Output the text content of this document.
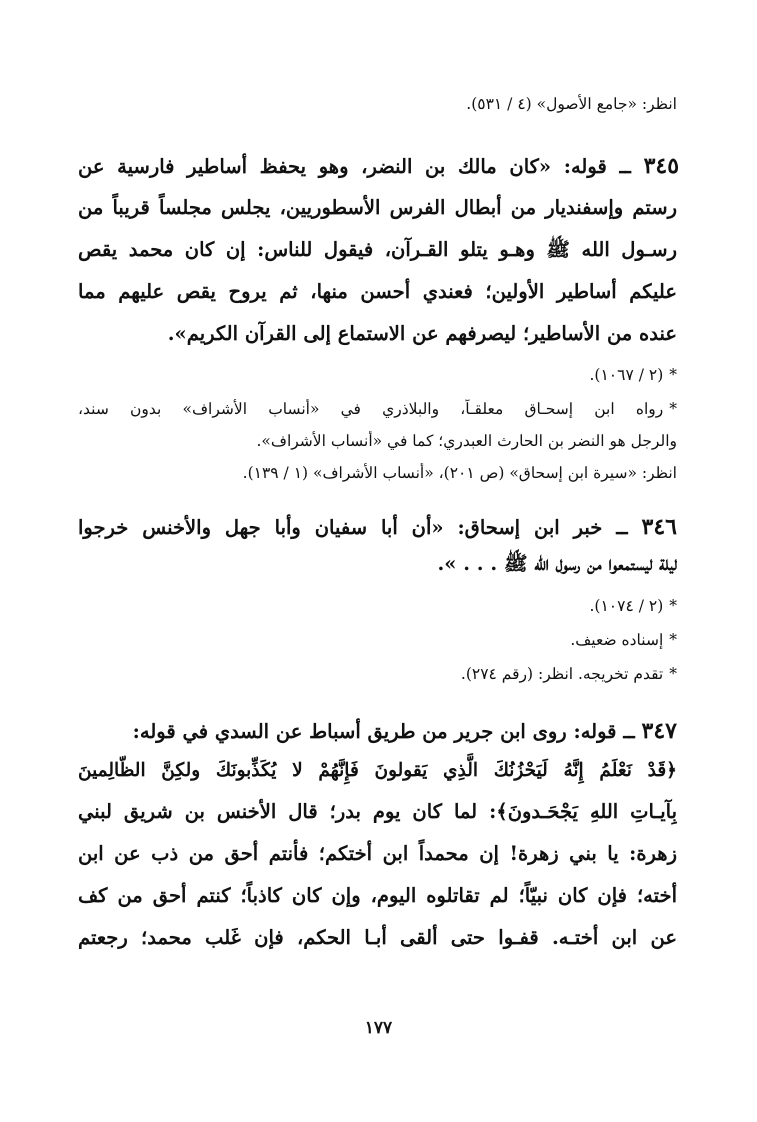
انظر: «جامع الأصول» (٤ / ٥٣١).
٣٤٥ ــ قوله: «كان مالك بن النضر، وهو يحفظ أساطير فارسية عن
رستم وإسفنديار من أبطال الفرس الأسطوريين، يجلس مجلساً قريباً من
رسـول الله ﷺ وهـو يتلو القـرآن، فيقول للناس: إن كان محمد يقص
عليكم أساطير الأولين؛ فعندي أحسن منها، ثم يروح يقص عليهم مما
عنده من الأساطير؛ ليصرفهم عن الاستماع إلى القرآن الكريم».
*(٢ / ١٠٦٧).
*رواه ابن إسحـاق معلقـاً، والبلاذري في «أنساب الأشراف» بدون سند،
والرجل هو النضر بن الحارث العبدري؛ كما في «أنساب الأشراف».
انظر: «سيرة ابن إسحاق» (ص ٢٠١)، «أنساب الأشراف» (١ / ١٣٩).
٣٤٦ ــ خبر ابن إسحاق: «أن أبا سفيان وأبا جهل والأخنس خرجوا
ليلة ليستمعوا من رسول الله ﷺ . . . ».
*(٢ / ١٠٧٤).
*إسناده ضعيف.
*تقدم تخريجه. انظر: (رقم ٢٧٤).
٣٤٧ ــ قوله: روى ابن جرير من طريق أسباط عن السدي في قوله:
﴿قَدْ نَعْلَمُ إِنَّهُ لَيَحْزُنُكَ الَّذِي يَقولونَ فَإِنَّهُمْ لا يُكَذِّبونَكَ ولكِنَّ الظّالِمينَ
بِآيـاتِ اللهِ يَجْحَـدونَ﴾: لما كان يوم بدر؛ قال الأخنس بن شريق لبني
زهرة: يا بني زهرة! إن محمداً ابن أختكم؛ فأنتم أحق من ذب عن ابن
أخته؛ فإن كان نبيّاً؛ لم تقاتلوه اليوم، وإن كان كاذباً؛ كنتم أحق من كف
عن ابن أختـه. قفـوا حتى ألقى أبـا الحكم، فإن غَلب محمد؛ رجعتم
١٧٧
